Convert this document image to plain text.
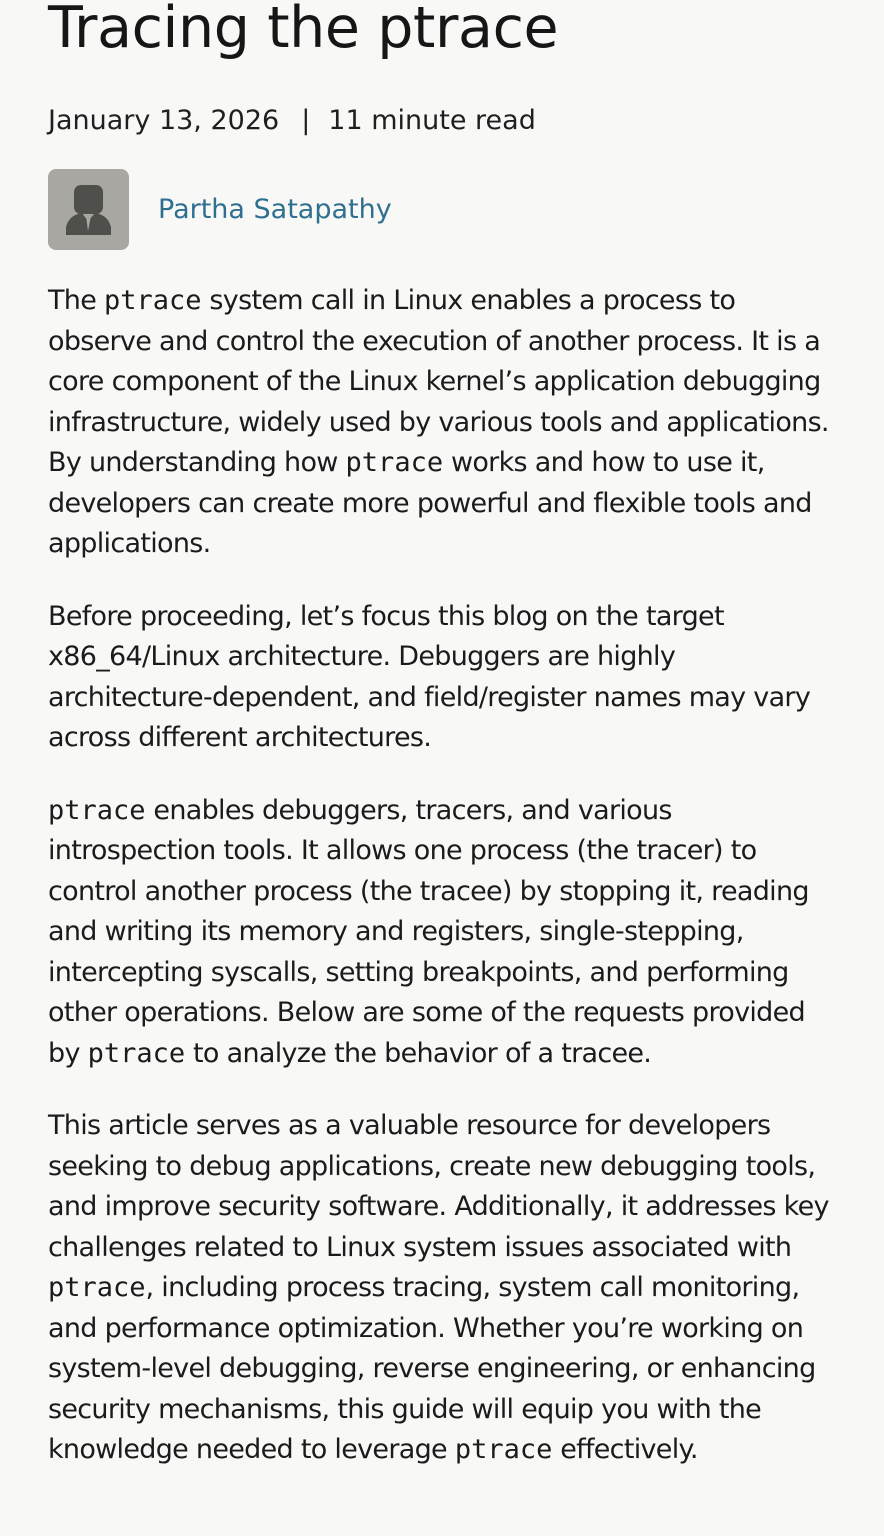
Tracing the ptrace
January 13, 2026 | 11 minute read
Partha Satapathy

The ptrace system call in Linux enables a process to observe and control the execution of another process. It is a core component of the Linux kernel’s application debugging infrastructure, widely used by various tools and applications. By understanding how ptrace works and how to use it, developers can create more powerful and flexible tools and applications.

Before proceeding, let’s focus this blog on the target x86_64/Linux architecture. Debuggers are highly architecture-dependent, and field/register names may vary across different architectures.

ptrace enables debuggers, tracers, and various introspection tools. It allows one process (the tracer) to control another process (the tracee) by stopping it, reading and writing its memory and registers, single-stepping, intercepting syscalls, setting breakpoints, and performing other operations. Below are some of the requests provided by ptrace to analyze the behavior of a tracee.

This article serves as a valuable resource for developers seeking to debug applications, create new debugging tools, and improve security software. Additionally, it addresses key challenges related to Linux system issues associated with ptrace, including process tracing, system call monitoring, and performance optimization. Whether you’re working on system-level debugging, reverse engineering, or enhancing security mechanisms, this guide will equip you with the knowledge needed to leverage ptrace effectively.
